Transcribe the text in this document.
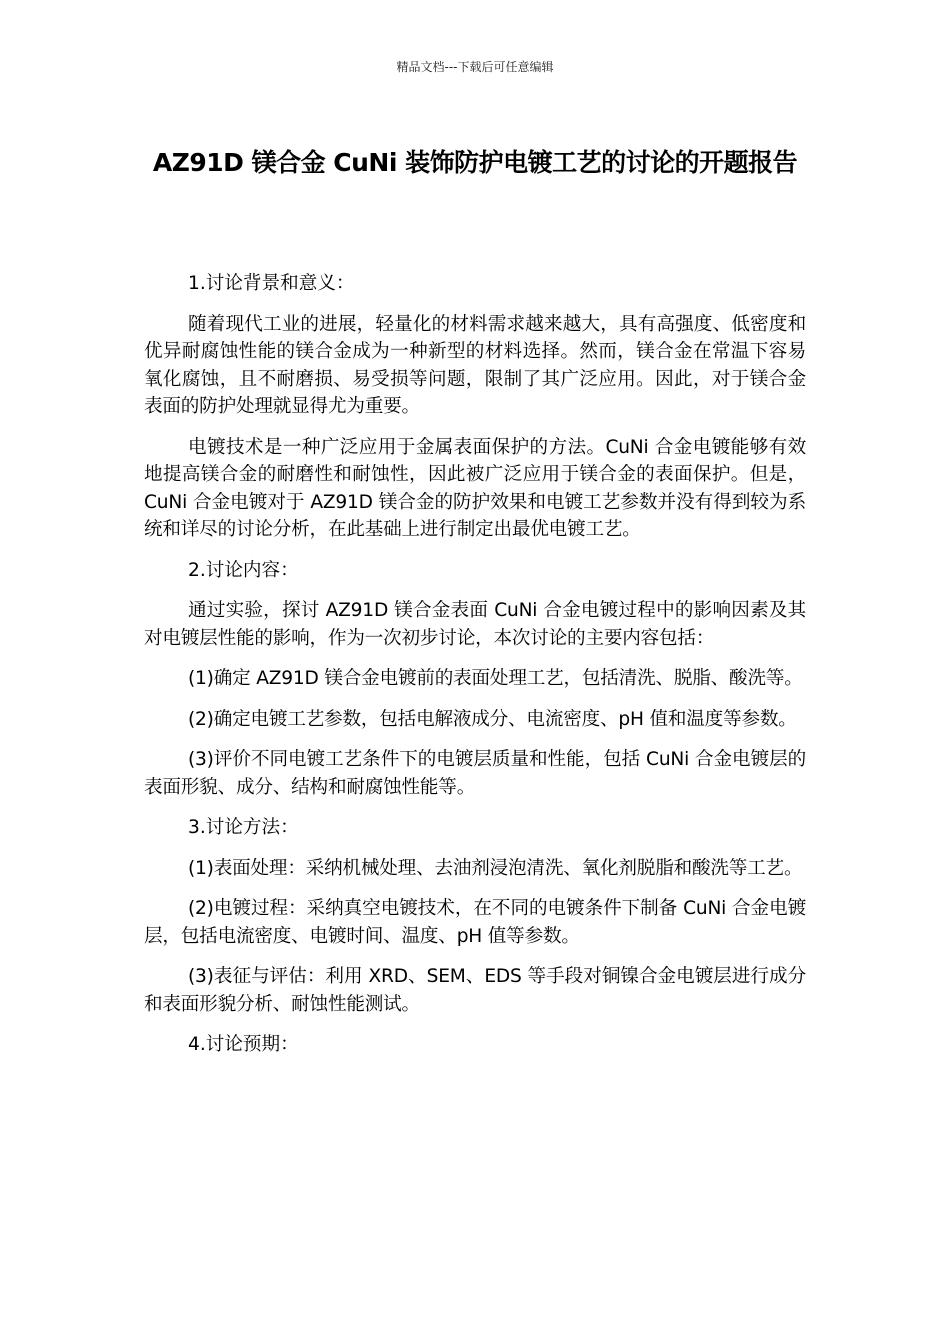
精品文档---下载后可任意编辑
AZ91D 镁合金 CuNi 装饰防护电镀工艺的讨论的开题报告

1.讨论背景和意义：

随着现代工业的进展，轻量化的材料需求越来越大，具有高强度、低密度和优异耐腐蚀性能的镁合金成为一种新型的材料选择。然而，镁合金在常温下容易氧化腐蚀，且不耐磨损、易受损等问题，限制了其广泛应用。因此，对于镁合金表面的防护处理就显得尤为重要。

电镀技术是一种广泛应用于金属表面保护的方法。CuNi 合金电镀能够有效地提高镁合金的耐磨性和耐蚀性，因此被广泛应用于镁合金的表面保护。但是，CuNi 合金电镀对于 AZ91D 镁合金的防护效果和电镀工艺参数并没有得到较为系统和详尽的讨论分析，在此基础上进行制定出最优电镀工艺。

2.讨论内容：

通过实验，探讨 AZ91D 镁合金表面 CuNi 合金电镀过程中的影响因素及其对电镀层性能的影响，作为一次初步讨论，本次讨论的主要内容包括：

(1)确定 AZ91D 镁合金电镀前的表面处理工艺，包括清洗、脱脂、酸洗等。

(2)确定电镀工艺参数，包括电解液成分、电流密度、pH 值和温度等参数。

(3)评价不同电镀工艺条件下的电镀层质量和性能，包括 CuNi 合金电镀层的表面形貌、成分、结构和耐腐蚀性能等。

3.讨论方法：

(1)表面处理：采纳机械处理、去油剂浸泡清洗、氧化剂脱脂和酸洗等工艺。

(2)电镀过程：采纳真空电镀技术，在不同的电镀条件下制备 CuNi 合金电镀层，包括电流密度、电镀时间、温度、pH 值等参数。

(3)表征与评估：利用 XRD、SEM、EDS 等手段对铜镍合金电镀层进行成分和表面形貌分析、耐蚀性能测试。

4.讨论预期：
